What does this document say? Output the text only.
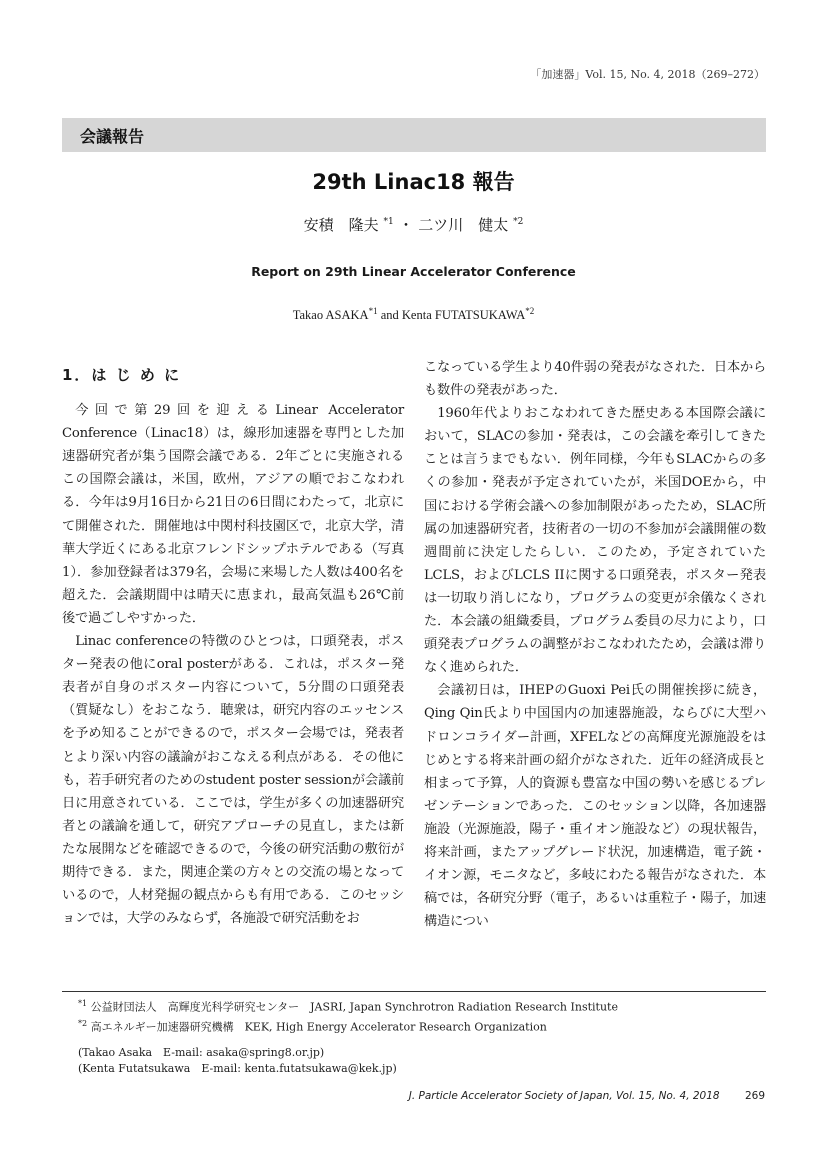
「加速器」Vol. 15, No. 4, 2018（269–272）
会議報告
29th Linac18 報告
安積　隆夫 $^{*1}$ ・ 二ツ川　健太 $^{*2}$
Report on 29th Linear Accelerator Conference
Takao ASAKA$^{*1}$ and Kenta FUTATSUKAWA$^{*2}$
1．は じ め に

今回で第29回を迎えるLinear Accelerator Conference（Linac18）は，線形加速器を専門とした加速器研究者が集う国際会議である．2年ごとに実施されるこの国際会議は，米国，欧州，アジアの順でおこなわれる．今年は9月16日から21日の6日間にわたって，北京にて開催された．開催地は中関村科技園区で，北京大学，清華大学近くにある北京フレンドシップホテルである（写真1）．参加登録者は379名，会場に来場した人数は400名を超えた．会議期間中は晴天に恵まれ，最高気温も26℃前後で過ごしやすかった．

Linac conferenceの特徴のひとつは，口頭発表，ポスター発表の他にoral posterがある．これは，ポスター発表者が自身のポスター内容について，5分間の口頭発表（質疑なし）をおこなう．聴衆は，研究内容のエッセンスを予め知ることができるので，ポスター会場では，発表者とより深い内容の議論がおこなえる利点がある．その他にも，若手研究者のためのstudent poster sessionが会議前日に用意されている．ここでは，学生が多くの加速器研究者との議論を通して，研究アプローチの見直し，または新たな展開などを確認できるので，今後の研究活動の敷衍が期待できる．また，関連企業の方々との交流の場となっているので，人材発掘の観点からも有用である．このセッションでは，大学のみならず，各施設で研究活動をお

こなっている学生より40件弱の発表がなされた．日本からも数件の発表があった．

1960年代よりおこなわれてきた歴史ある本国際会議において，SLACの参加・発表は，この会議を牽引してきたことは言うまでもない．例年同様，今年もSLACからの多くの参加・発表が予定されていたが，米国DOEから，中国における学術会議への参加制限があったため，SLAC所属の加速器研究者，技術者の一切の不参加が会議開催の数週間前に決定したらしい．このため，予定されていたLCLS，およびLCLS IIに関する口頭発表，ポスター発表は一切取り消しになり，プログラムの変更が余儀なくされた．本会議の組織委員，プログラム委員の尽力により，口頭発表プログラムの調整がおこなわれたため，会議は滞りなく進められた．

会議初日は，IHEPのGuoxi Pei氏の開催挨拶に続き，Qing Qin氏より中国国内の加速器施設，ならびに大型ハドロンコライダー計画，XFELなどの高輝度光源施設をはじめとする将来計画の紹介がなされた．近年の経済成長と相まって予算，人的資源も豊富な中国の勢いを感じるプレゼンテーションであった．このセッション以降，各加速器施設（光源施設，陽子・重イオン施設など）の現状報告，将来計画，またアップグレード状況，加速構造，電子銃・イオン源，モニタなど，多岐にわたる報告がなされた．本稿では，各研究分野（電子，あるいは重粒子・陽子，加速構造につい

$^{*1}$ 公益財団法人　高輝度光科学研究センター　JASRI, Japan Synchrotron Radiation Research Institute

$^{*2}$ 高エネルギー加速器研究機構　KEK, High Energy Accelerator Research Organization

(Takao Asaka　E-mail: asaka@spring8.or.jp)
(Kenta Futatsukawa　E-mail: kenta.futatsukawa@kek.jp)
J. Particle Accelerator Society of Japan, Vol. 15, No. 4, 2018 269
